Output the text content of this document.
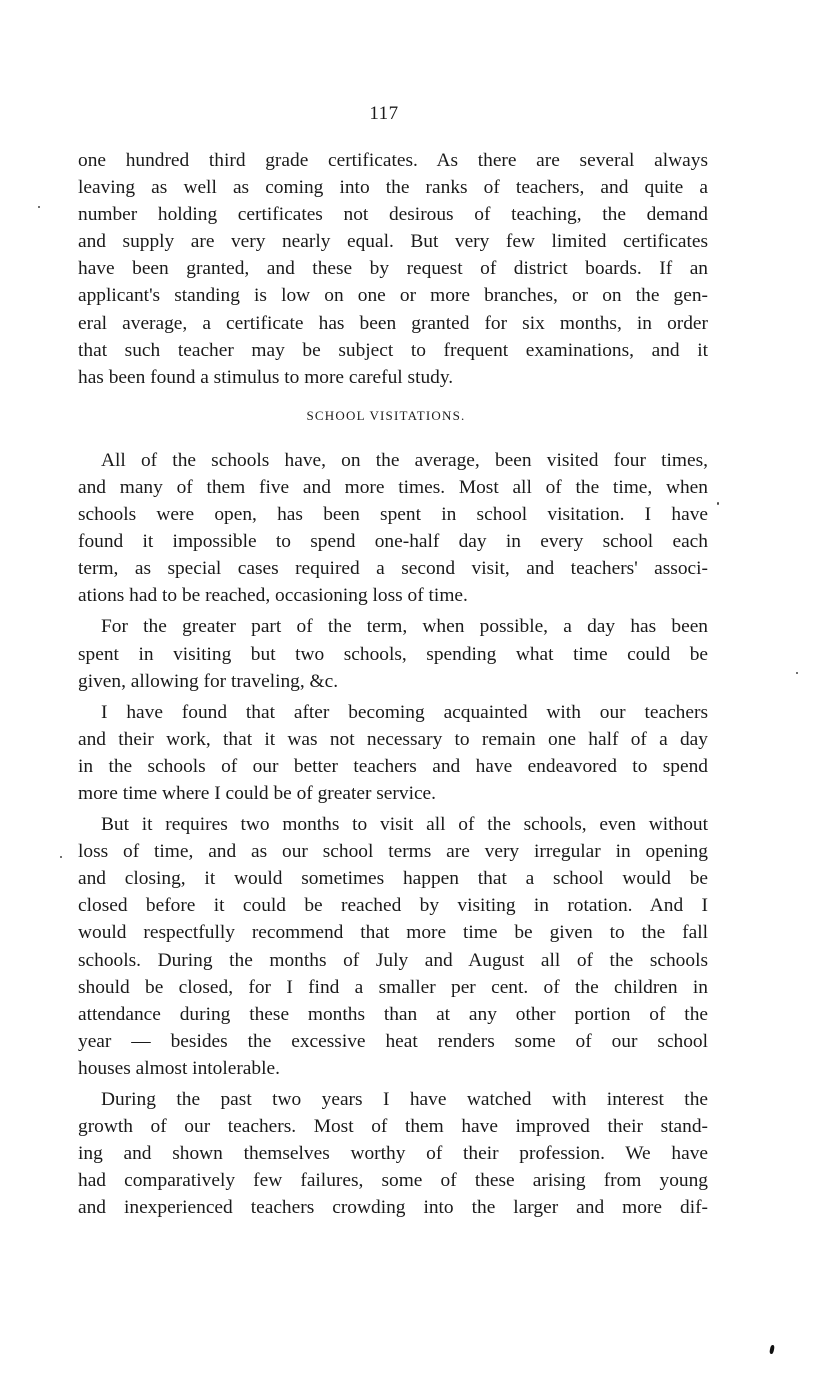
117
one hundred third grade certificates. As there are several always
leaving as well as coming into the ranks of teachers, and quite a
number holding certificates not desirous of teaching, the demand
and supply are very nearly equal. But very few limited certificates
have been granted, and these by request of district boards. If an
applicant's standing is low on one or more branches, or on the gen-
eral average, a certificate has been granted for six months, in order
that such teacher may be subject to frequent examinations, and it
has been found a stimulus to more careful study.
SCHOOL VISITATIONS.
All of the schools have, on the average, been visited four times,
and many of them five and more times. Most all of the time, when
schools were open, has been spent in school visitation. I have
found it impossible to spend one-half day in every school each
term, as special cases required a second visit, and teachers' associ-
ations had to be reached, occasioning loss of time.
For the greater part of the term, when possible, a day has been
spent in visiting but two schools, spending what time could be
given, allowing for traveling, &c.
I have found that after becoming acquainted with our teachers
and their work, that it was not necessary to remain one half of a day
in the schools of our better teachers and have endeavored to spend
more time where I could be of greater service.
But it requires two months to visit all of the schools, even without
loss of time, and as our school terms are very irregular in opening
and closing, it would sometimes happen that a school would be
closed before it could be reached by visiting in rotation. And I
would respectfully recommend that more time be given to the fall
schools. During the months of July and August all of the schools
should be closed, for I find a smaller per cent. of the children in
attendance during these months than at any other portion of the
year — besides the excessive heat renders some of our school
houses almost intolerable.
During the past two years I have watched with interest the
growth of our teachers. Most of them have improved their stand-
ing and shown themselves worthy of their profession. We have
had comparatively few failures, some of these arising from young
and inexperienced teachers crowding into the larger and more dif-
